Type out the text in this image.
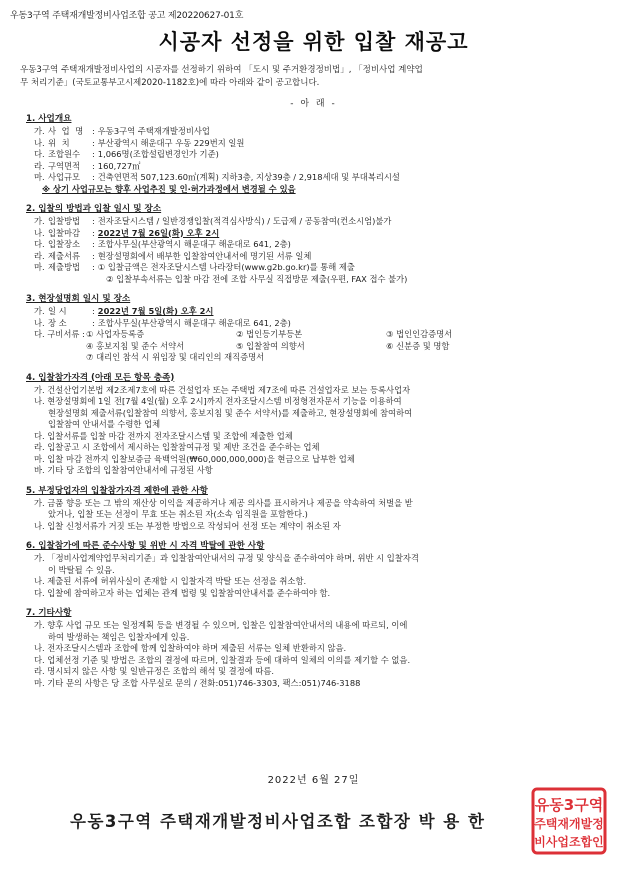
우동3구역 주택재개발정비사업조합 공고 제20220627-01호
시공자 선정을 위한 입찰 재공고

우동3구역 주택재개발정비사업의 시공자를 선정하기 위하여 「도시 및 주거환경정비법」, 「정비사업 계약업

무 처리기준」(국토교통부고시제2020-1182호)에 따라 아래와 같이 공고합니다.

- 아 래 -
1. 사업개요
가. 사 업 명 : 우동3구역 주택재개발정비사업
나. 위 치	: 부산광역시 해운대구 우동 229번지 일원
다. 조합원수	: 1,066명(조합설립변경인가 기준)
라. 구역면적	: 160,727㎡
마. 사업규모	: 건축연면적 507,123.60㎡(계획) 지하3층, 지상39층 / 2,918세대 및 부대복리시설
※ 상기 사업규모는 향후 사업추진 및 인·허가과정에서 변경될 수 있음
2. 입찰의 방법과 입찰 일시 및 장소
가. 입찰방법	: 전자조달시스템 / 일반경쟁입찰(적격심사방식) / 도급제 / 공동참여(컨소시엄)불가
나. 입찰마감	: 2022년 7월 26일(화) 오후 2시
다. 입찰장소	: 조합사무실(부산광역시 해운대구 해운대로 641, 2층)
라. 제출서류	: 현장설명회에서 배부한 입찰참여안내서에 명기된 서류 일체
마. 제출방법	: ① 입찰금액은 전자조달시스템 나라장터(www.g2b.go.kr)를 통해 제출
② 입찰부속서류는 입찰 마감 전에 조합 사무실 직접방문 제출(우편, FAX 접수 불가)
3. 현장설명회 일시 및 장소
가. 일 시	: 2022년 7월 5일(화) 오후 2시
나. 장 소	: 조합사무실(부산광역시 해운대구 해운대로 641, 2층)
다. 구비서류 : ① 사업자등록증	② 법인등기부등본	③ 법인인감증명서
④ 홍보지침 및 준수 서약서	⑤ 입찰참여 의향서	⑥ 신분증 및 명함
⑦ 대리인 참석 시 위임장 및 대리인의 재직증명서
4. 입찰참가자격 (아래 모든 항목 충족)
가. 건설산업기본법 제2조제7호에 따른 건설업자 또는 주택법 제7조에 따른 건설업자로 보는 등록사업자
나. 현장설명회에 1일 전[7월 4일(월) 오후 2시]까지 전자조달시스템 비정형전자문서 기능을 이용하여
현장설명회 제출서류(입찰참여 의향서, 홍보지침 및 준수 서약서)를 제출하고, 현장설명회에 참여하여
입찰참여 안내서를 수령한 업체
다. 입찰서류를 입찰 마감 전까지 전자조달시스템 및 조합에 제출한 업체
라. 입찰공고 시 조합에서 제시하는 입찰참여규정 및 제반 조건을 준수하는 업체
마. 입찰 마감 전까지 입찰보증금 육백억원(₩60,000,000,000)을 현금으로 납부한 업체
바. 기타 당 조합의 입찰참여안내서에 규정된 사항
5. 부정당업자의 입찰참가자격 제한에 관한 사항
가. 금품 향응 또는 그 밖의 재산상 이익을 제공하거나 제공 의사를 표시하거나 제공을 약속하여 처벌을 받
았거나, 입찰 또는 선정이 무효 또는 취소된 자(소속 임직원을 포함한다.)
나. 입찰 신청서류가 거짓 또는 부정한 방법으로 작성되어 선정 또는 계약이 취소된 자
6. 입찰참가에 따른 준수사항 및 위반 시 자격 박탈에 관한 사항
가. 「정비사업계약업무처리기준」과 입찰참여안내서의 규정 및 양식을 준수하여야 하며, 위반 시 입찰자격
이 박탈될 수 있음.
나. 제출된 서류에 허위사실이 존재할 시 입찰자격 박탈 또는 선정을 취소함.
다. 입찰에 참여하고자 하는 업체는 관계 법령 및 입찰참여안내서를 준수하여야 함.
7. 기타사항
가. 향후 사업 규모 또는 일정계획 등을 변경될 수 있으며, 입찰은 입찰참여안내서의 내용에 따르되, 이에
하여 발생하는 책임은 입찰자에게 있음.
나. 전자조달시스템과 조합에 함께 입찰하여야 하며 제출된 서류는 일체 반환하지 않음.
다. 업체선정 기준 및 방법은 조합의 결정에 따르며, 입찰결과 등에 대하여 일체의 이의를 제기할 수 없음.
라. 명시되지 않은 사항 및 일반규정은 조합의 해석 및 결정에 따름.
마. 기타 문의 사항은 당 조합 사무실로 문의 / 전화:051)746-3303, 팩스:051)746-3188
2022년 6월 27일
우동3구역 주택재개발정비사업조합 조합장 박 용 한
유동3구역
주택재개발정
비사업조합인
